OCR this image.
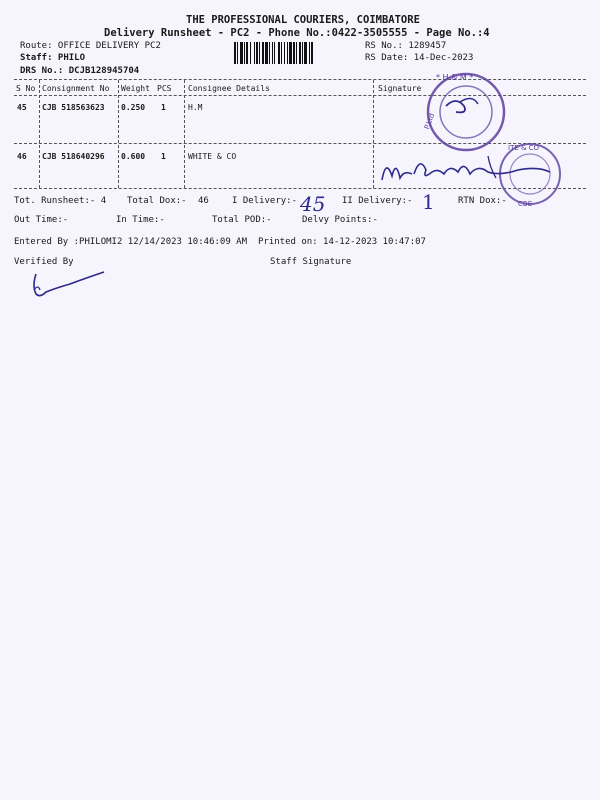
THE PROFESSIONAL COURIERS, COIMBATORE
Delivery Runsheet - PC2 - Phone No.:0422-3505555 - Page No.:4
Route: OFFICE DELIVERY PC2
Staff: PHILO
DRS No.: DCJB128945704
RS No.: 1289457
RS Date: 14-Dec-2023
S No Consignment No Weight PCS Consignee Details	Signature
45 CJB 518563623 0.250 1	H.M
46 CJB 518640296 0.600 1	WHITE & CO
* H & M *
P.Ltd
ITE & CO
CBE
Tot. Runsheet:- 4 Total Dox:- 46	I Delivery:- 45 II Delivery:- 1	RTN Dox:-
Out Time:-	In Time:-	Total POD:-	Delvy Points:-
Entered By :PHILOMI2 12/14/2023 10:46:09 AM Printed on: 14-12-2023 10:47:07
Verified By	Staff Signature
